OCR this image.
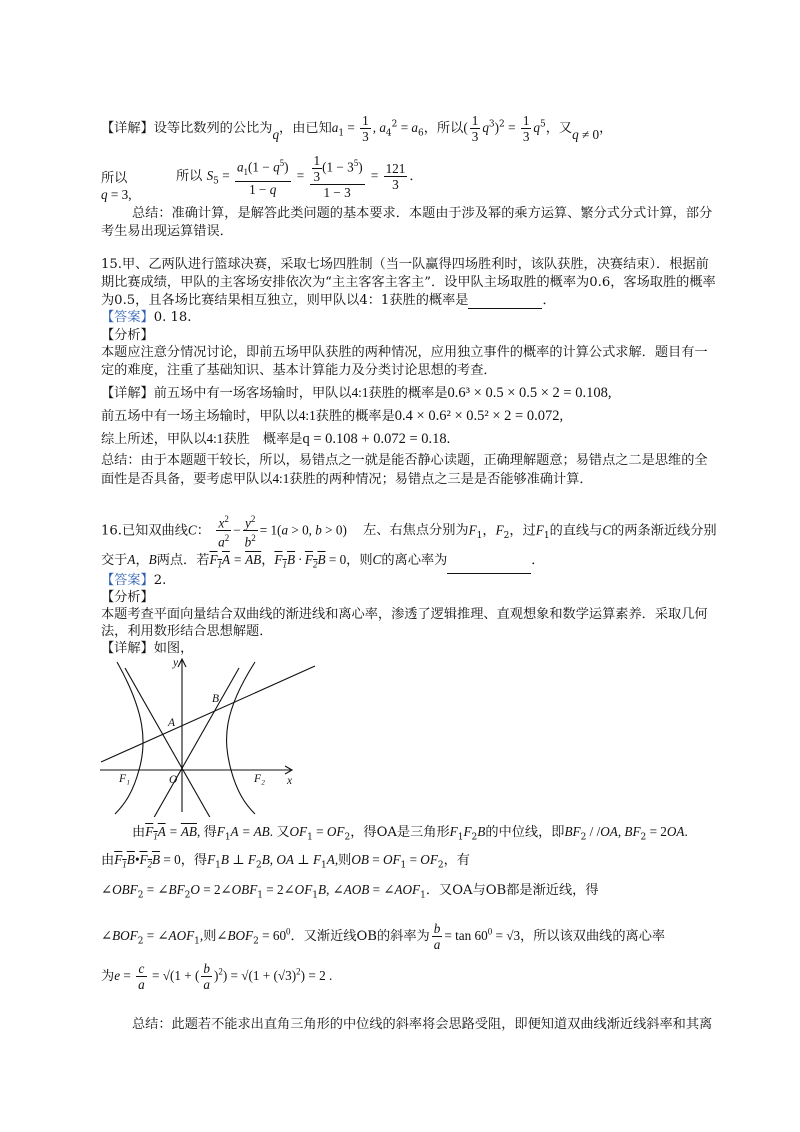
【详解】设等比数列的公比为q，由已知$a_1 = \frac{1}{3}$ , $a_4^2 = a_6$，所以( $\frac{1}{3} q^3)^2 = \frac{1}{3} q^5$，又q ≠ 0，
所以
q = 3,
所以 $S_5 = \frac{a_1(1 - q^5)}{1 - q} = \frac{\frac{1}{3} (1 - 3^5)}{1 - 3} = \frac{121}{3}$ ．
总结：准确计算，是解答此类问题的基本要求．本题由于涉及幂的乘方运算、繁分式分式计算，部分
考生易出现运算错误．
15.甲、乙两队进行篮球决赛，采取七场四胜制（当一队赢得四场胜利时，该队获胜，决赛结束）．根据前
期比赛成绩，甲队的主客场安排依次为“主主客客主客主”．设甲队主场取胜的概率为0.6，客场取胜的概率
为0.5，且各场比赛结果相互独立，则甲队以4：1获胜的概率是	．
【答案】0. 18.
【分析】
本题应注意分情况讨论，即前五场甲队获胜的两种情况，应用独立事件的概率的计算公式求解．题目有一
定的难度，注重了基础知识、基本计算能力及分类讨论思想的考查．
【详解】前五场中有一场客场输时，甲队以4:1获胜的概率是0.6³ × 0.5 × 0.5 × 2 = 0.108,
前五场中有一场主场输时，甲队以4:1获胜的概率是0.4 × 0.6² × 0.5² × 2 = 0.072,
综上所述，甲队以4:1获胜　概率是q = 0.108 + 0.072 = 0.18.
总结：由于本题题干较长，所以，易错点之一就是能否静心读题，正确理解题意；易错点之二是思维的全
面性是否具备，要考虑甲队以4:1获胜的两种情况；易错点之三是是否能够准确计算．
16.已知双曲线C： $\frac{x^2}{a^2} - \frac{y^2}{b^2} = 1(a > 0$, b > 0) 左、右焦点分别为$F_1$，$F_2$，过$F_1$的直线与C的两条渐近线分别
交于A，B两点．若$F_1A = \overline{AB}$，$F_1B \cdot F_2B = 0$，则C的离心率为	．
【答案】2.
【分析】
本题考查平面向量结合双曲线的渐进线和离心率，渗透了逻辑推理、直观想象和数学运算素养．采取几何
法，利用数形结合思想解题．
【详解】如图，
y
x
O
A
B
F₁	F₂
由$F_1A = \overline{AB}$, 得$F_1A$ = AB. 又$OF_1 = OF_2$，得OA是三角形$F_1F_2B$的中位线，即$BF_2 / /OA$, $BF_2 = 2OA$.
由$F_1B•F_2B = 0$，得$F_1B$ ⊥ $F_2B$, OA ⊥ $F_1A$,则OB = $OF_1 = OF_2$，有
$\angle OBF_2$ = $\angle BF_2O$ = $2\angle OBF_1$ = $2\angle OF_1B$, ∠AOB = $\angle AOF_1$．又OA与OB都是渐近线，得
$\angle BOF_2$ = $\angle AOF_1$,则$\angle BOF_2 = 60^0$．又渐近线OB的斜率为 $\frac{b}{a} = \tan 60^0 = √3$，所以该双曲线的离心率
为$e = \frac{c}{a} = √(1$ + ( $\frac{b}{a} )^2) = √(1 + (√3)^2) = 2$ .
总结：此题若不能求出直角三角形的中位线的斜率将会思路受阻，即便知道双曲线渐近线斜率和其离
